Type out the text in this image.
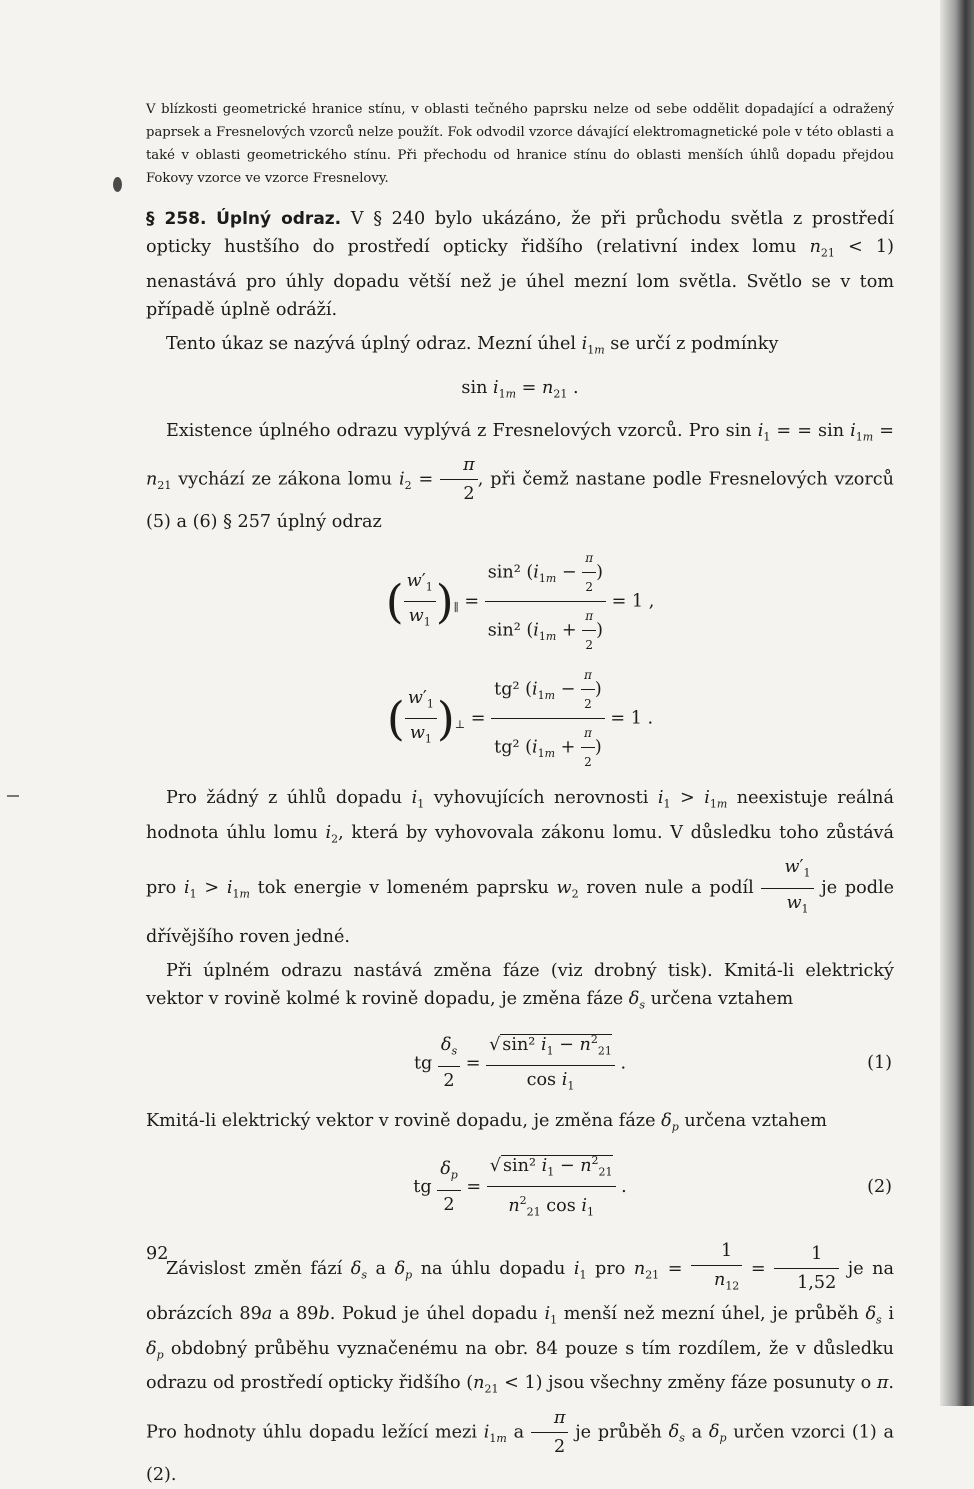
V blízkosti geometrické hranice stínu, v oblasti tečného paprsku nelze od sebe oddělit dopadající a odražený paprsek a Fresnelových vzorců nelze použít. Fok odvodil vzorce dávající elektromagnetické pole v této oblasti a také v oblasti geometrického stínu. Při přechodu od hranice stínu do oblasti menších úhlů dopadu přejdou Fokovy vzorce ve vzorce Fresnelovy.

§ 258. Úplný odraz. V § 240 bylo ukázáno, že při průchodu světla z prostředí opticky hustšího do prostředí opticky řidšího (relativní index lomu $n_{21} < 1$) nenastává pro úhly dopadu větší než je úhel mezní lom světla. Světlo se v tom případě úplně odráží.

Tento úkaz se nazývá úplný odraz. Mezní úhel $i_{1m}$ se určí z podmínky

$\sin i_{1m} = n_{21}$ .

Existence úplného odrazu vyplývá z Fresnelových vzorců. Pro $\sin i_1$ = = $\sin i_{1m} = n_{21}$ vychází ze zákona lomu $i_2 = \frac{\pi}{2}$ , při čemž nastane podle Fresnelových vzorců (5) a (6) § 257 úplný odraz

( $\frac{w'_1}{w_1} )_\parallel = \frac{\sin^2 (i_{1m} - \frac{\pi}{2} )}{\sin^2 (i_{1m} + \frac{\pi}{2} )} = 1$ ,
( $\frac{w'_1}{w_1} )_\perp = \frac{tg^2 (i_{1m} - \frac{\pi}{2} )}{tg^2 (i_{1m} + \frac{\pi}{2} )} = 1$ .

Pro žádný z úhlů dopadu $i_1$ vyhovujících nerovnosti $i_1 > i_{1m}$ neexistuje reálná hodnota úhlu lomu $i_2$, která by vyhovovala zákonu lomu. V důsledku toho zůstává pro $i_1 > i_{1m}$ tok energie v lomeném paprsku $w_2$ roven nule a podíl $\frac{w'_1}{w_1}$ je podle dřívějšího roven jedné.

Při úplném odrazu nastává změna fáze (viz drobný tisk). Kmitá-li elektrický vektor v rovině kolmé k rovině dopadu, je změna fáze $\delta_s$ určena vztahem

tg $\frac{\delta_s}{2} = \frac{√ \sin^2 i_1 - n^2_{21}}{\cos i_1}$ .	(1)

Kmitá-li elektrický vektor v rovině dopadu, je změna fáze $\delta_p$ určena vztahem

tg $\frac{\delta_p}{2} = \frac{√ \sin^2 i_1 - n^2_{21}}{n^2_{21} \cos i_1}$ .	(2)

Závislost změn fází $\delta_s$ a $\delta_p$ na úhlu dopadu $i_1$ pro $n_{21} = \frac{1}{n_{12}} = \frac{1}{1,52}$ je na obrázcích 89a a 89b. Pokud je úhel dopadu $i_1$ menší než mezní úhel, je průběh $\delta_s$ i $\delta_p$ obdobný průběhu vyznačenému na obr. 84 pouze s tím rozdílem, že v důsledku odrazu od prostředí opticky řidšího $(n_{21} < 1)$ jsou všechny změny fáze posunuty o π. Pro hodnoty úhlu dopadu ležící mezi $i_{1m}$ a $\frac{\pi}{2}$ je průběh $\delta_s$ a $\delta_p$ určen vzorci (1) a (2).

92
